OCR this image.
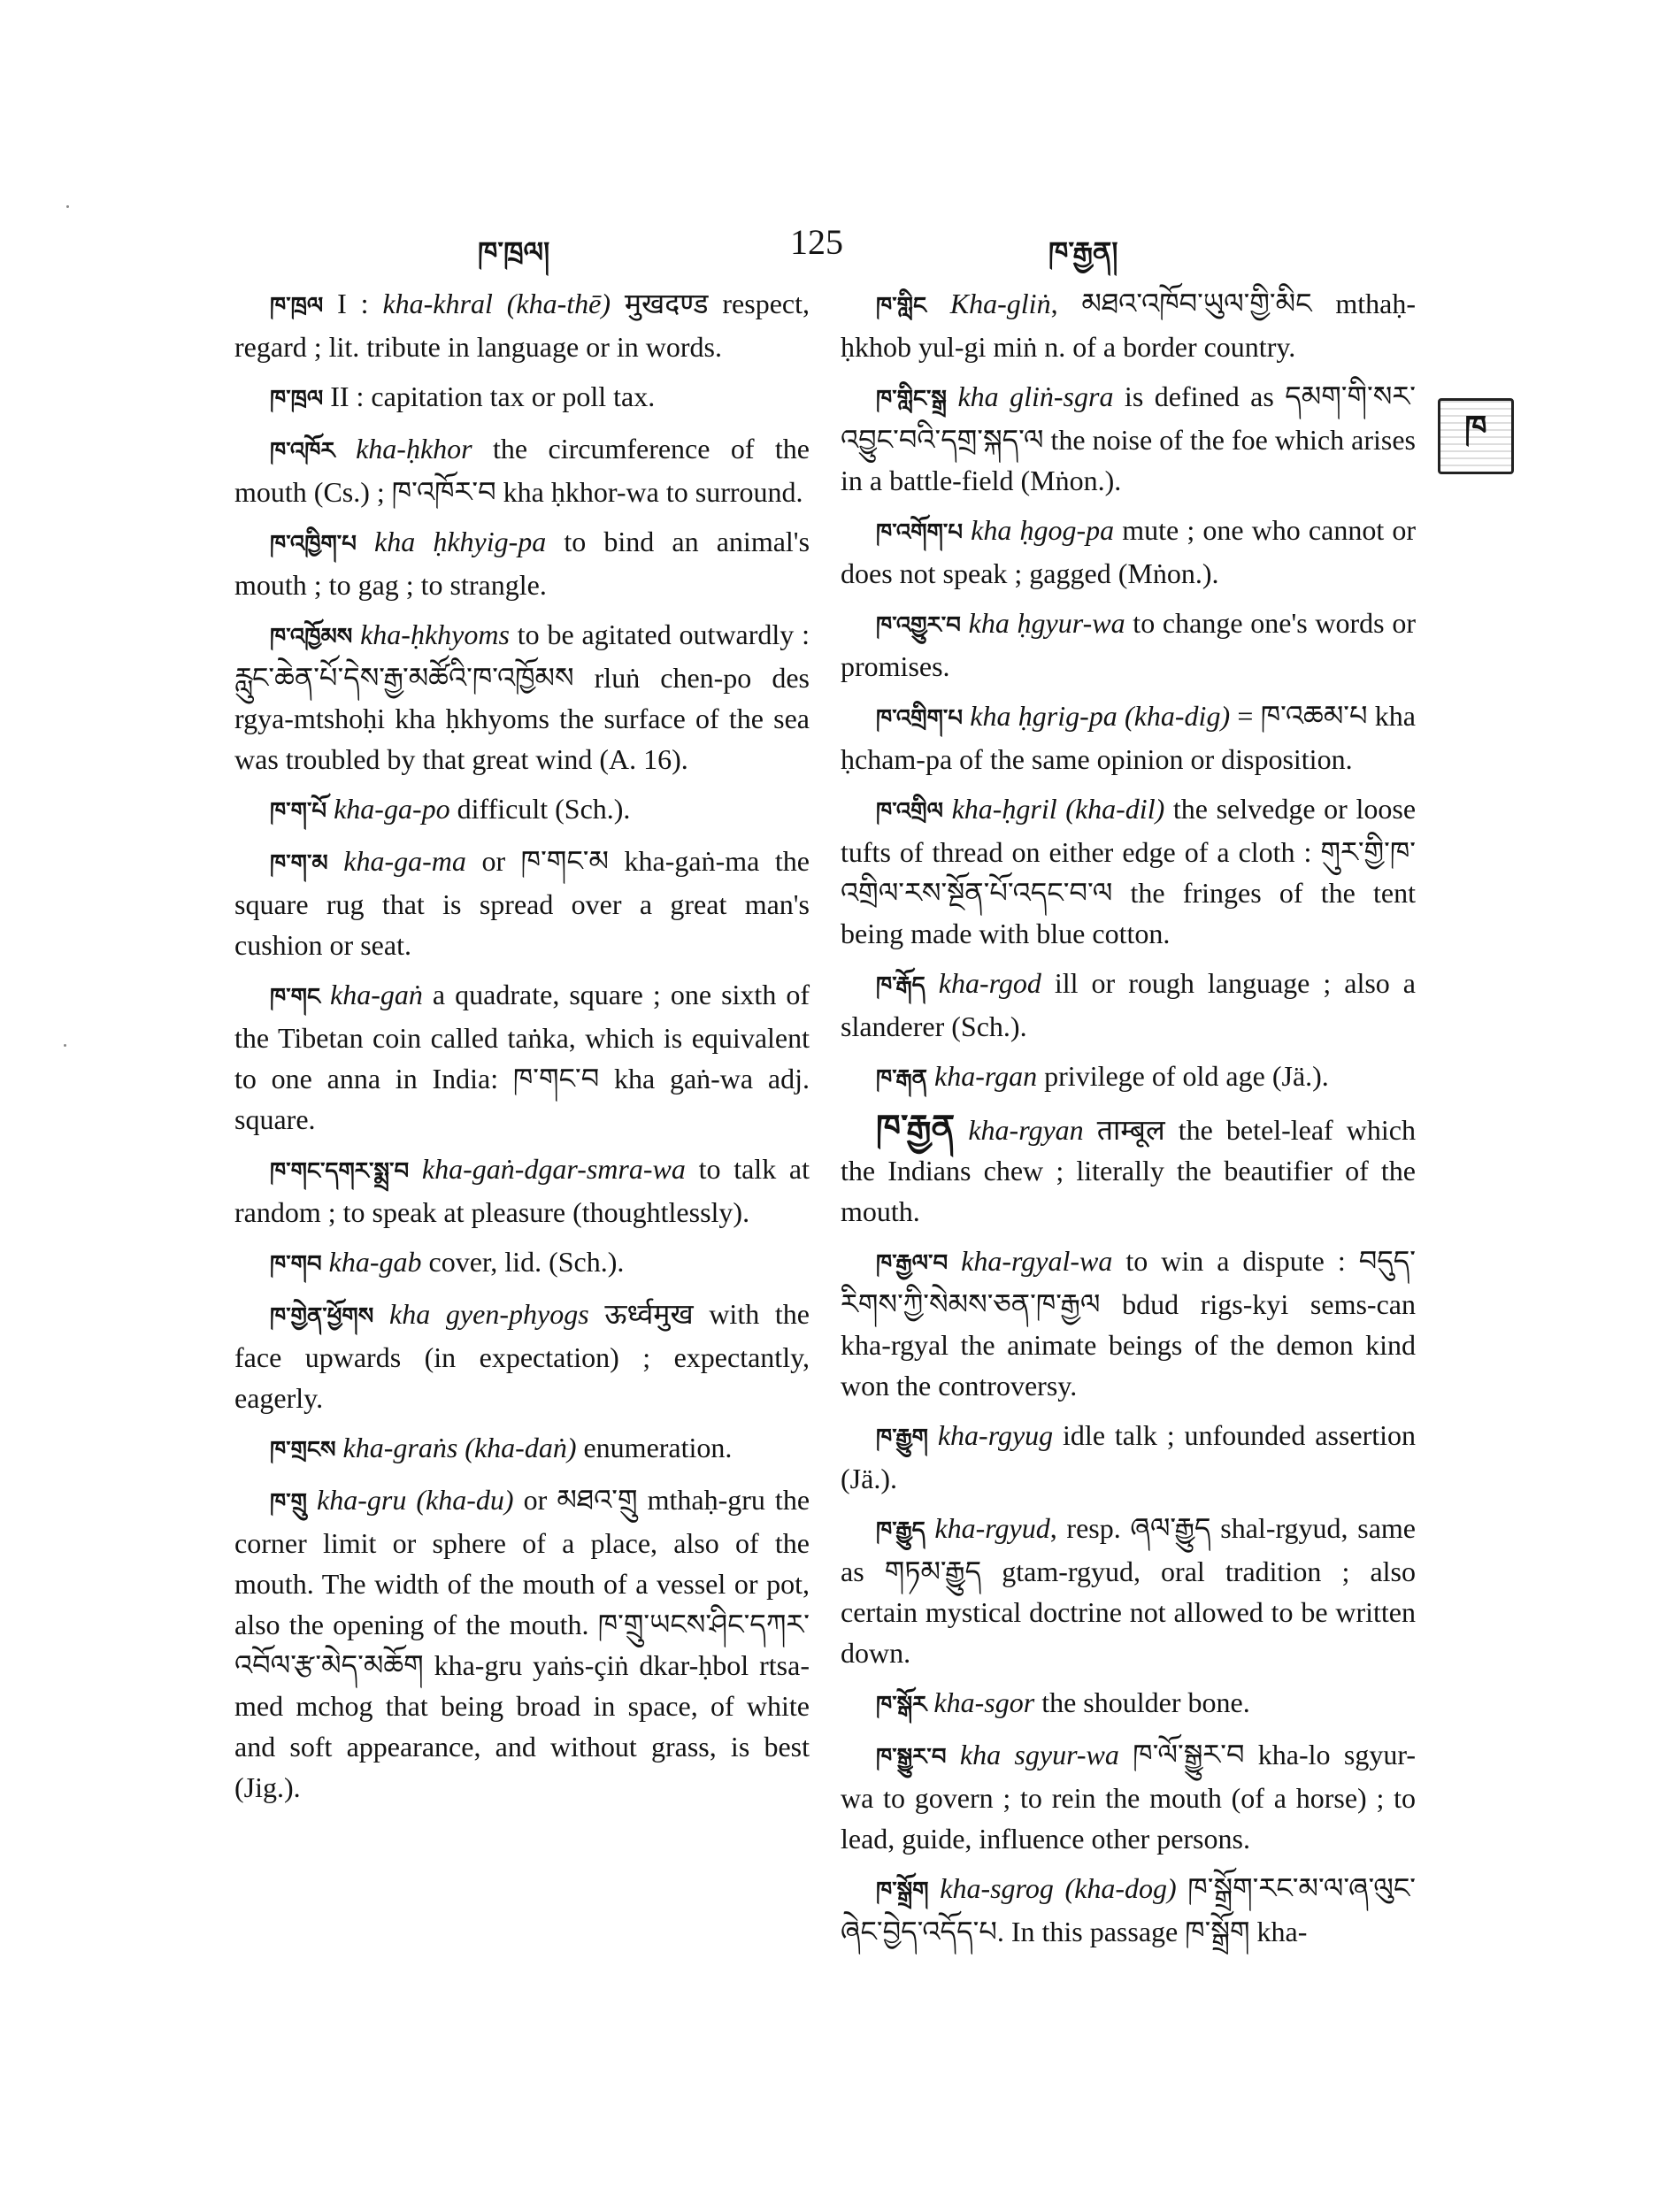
ཁ་ཁྲལ།	125	ཁ་རྒྱན།
ཁ

ཁ་ཁྲལ I : kha-khral (kha-thē) मुखदण्ड respect, regard ; lit. tribute in language or in words.

ཁ་ཁྲལ II : capitation tax or poll tax.

ཁ་འཁོར kha-ḥkhor the circumference of the mouth (Cs.) ; ཁ་འཁོར་བ kha ḥkhor-wa to surround.

ཁ་འཁྱིག་པ kha ḥkhyig-pa to bind an animal's mouth ; to gag ; to strangle.

ཁ་འཁྱོམས kha-ḥkhyoms to be agitated outwardly : རླུང་ཆེན་པོ་དེས་རྒྱ་མཚོའི་ཁ་འཁྱོམས rluṅ chen-po des rgya-mtshoḥi kha ḥkhyoms the surface of the sea was troubled by that great wind (A. 16).

ཁ་ག་པོ kha-ga-po difficult (Sch.).

ཁ་ག་མ kha-ga-ma or ཁ་གང་མ kha-gaṅ-ma the square rug that is spread over a great man's cushion or seat.

ཁ་གང kha-gaṅ a quadrate, square ; one sixth of the Tibetan coin called taṅka, which is equivalent to one anna in India: ཁ་གང་བ kha gaṅ-wa adj. square.

ཁ་གང་དགར་སྨྲ་བ kha-gaṅ-dgar-smra-wa to talk at random ; to speak at pleasure (thoughtlessly).

ཁ་གབ kha-gab cover, lid. (Sch.).

ཁ་གྱེན་ཕྱོགས kha gyen-phyogs ऊर्ध्वमुख with the face upwards (in expectation) ; expectantly, eagerly.

ཁ་གྲངས kha-graṅs (kha-daṅ) enumeration.

ཁ་གྲུ kha-gru (kha-du) or མཐའ་གྲུ mthaḥ-gru the corner limit or sphere of a place, also of the mouth. The width of the mouth of a vessel or pot, also the opening of the mouth. ཁ་གྲུ་ཡངས་ཤིང་དཀར་འབོལ་རྩ་མེད་མཆོག kha-gru yaṅs-çiṅ dkar-ḥbol rtsa-med mchog that being broad in space, of white and soft appearance, and without grass, is best (Jig.).

ཁ་གླིང Kha-gliṅ, མཐའ་འཁོབ་ཡུལ་གྱི་མིང mthaḥ-ḥkhob yul-gi miṅ n. of a border country.

ཁ་གླིང་སྒྲ kha gliṅ-sgra is defined as དམག་གི་སར་འབྱུང་བའི་དགྲ་སྐད་ལ the noise of the foe which arises in a battle-field (Mṅon.).

ཁ་འགོག་པ kha ḥgog-pa mute ; one who cannot or does not speak ; gagged (Mṅon.).

ཁ་འགྱུར་བ kha ḥgyur-wa to change one's words or promises.

ཁ་འགྲིག་པ kha ḥgrig-pa (kha-dig) = ཁ་འཆམ་པ kha ḥcham-pa of the same opinion or disposition.

ཁ་འགྲིལ kha-ḥgril (kha-dil) the selvedge or loose tufts of thread on either edge of a cloth : གུར་གྱི་ཁ་འགྲིལ་རས་སྔོན་པོ་འདང་བ་ལ the fringes of the tent being made with blue cotton.

ཁ་རྒོད kha-rgod ill or rough language ; also a slanderer (Sch.).

ཁ་རྒན kha-rgan privilege of old age (Jä.).

ཁ་རྒྱན kha-rgyan ताम्बूल the betel-leaf which the Indians chew ; literally the beautifier of the mouth.

ཁ་རྒྱལ་བ kha-rgyal-wa to win a dispute : བདུད་རིགས་ཀྱི་སེམས་ཅན་ཁ་རྒྱལ bdud rigs-kyi sems-can kha-rgyal the animate beings of the demon kind won the controversy.

ཁ་རྒྱུག kha-rgyug idle talk ; unfounded assertion (Jä.).

ཁ་རྒྱུད kha-rgyud, resp. ཞལ་རྒྱུད shal-rgyud, same as གཏམ་རྒྱུད gtam-rgyud, oral tradition ; also certain mystical doctrine not allowed to be written down.

ཁ་སྒོར kha-sgor the shoulder bone.

ཁ་སྒྱུར་བ kha sgyur-wa ཁ་ལོ་སྒྱུར་བ kha-lo sgyur-wa to govern ; to rein the mouth (of a horse) ; to lead, guide, influence other persons.

ཁ་སྒྲོག kha-sgrog (kha-dog) ཁ་སྒྲོག་རང་མ་ལ་ཞ་ལུང་ཞེང་བྱེད་འདོད་པ. In this passage ཁ་སྒྲོག kha-
